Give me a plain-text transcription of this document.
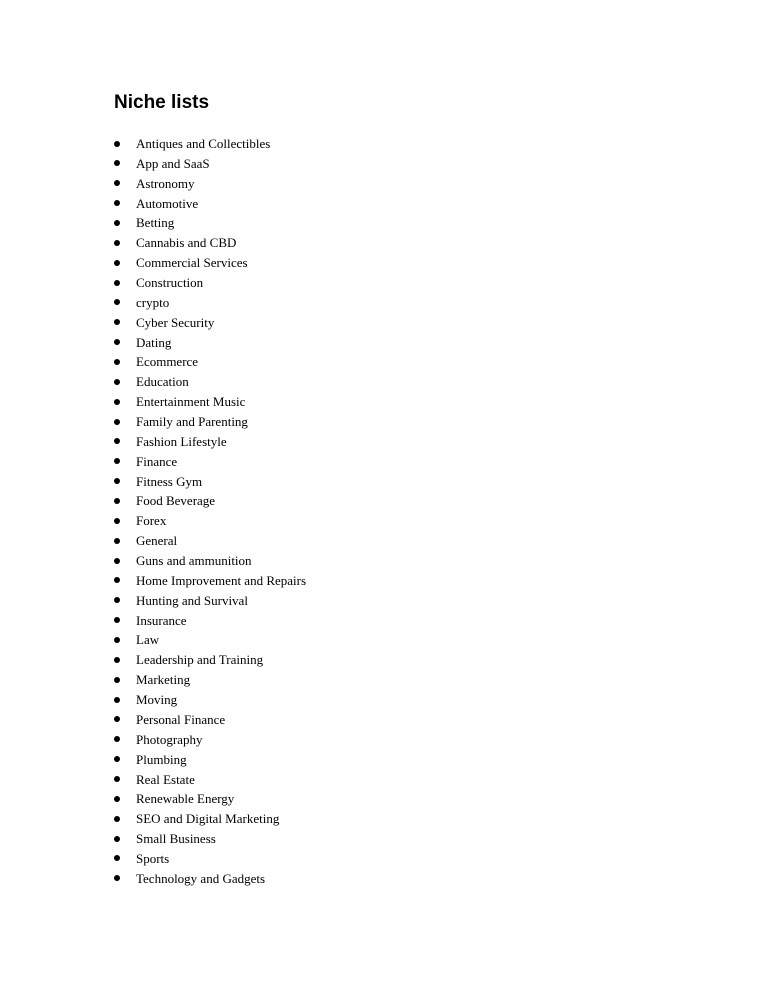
Niche lists
Antiques and Collectibles
App and SaaS
Astronomy
Automotive
Betting
Cannabis and CBD
Commercial Services
Construction
crypto
Cyber Security
Dating
Ecommerce
Education
Entertainment Music
Family and Parenting
Fashion Lifestyle
Finance
Fitness Gym
Food Beverage
Forex
General
Guns and ammunition
Home Improvement and Repairs
Hunting and Survival
Insurance
Law
Leadership and Training
Marketing
Moving
Personal Finance
Photography
Plumbing
Real Estate
Renewable Energy
SEO and Digital Marketing
Small Business
Sports
Technology and Gadgets
